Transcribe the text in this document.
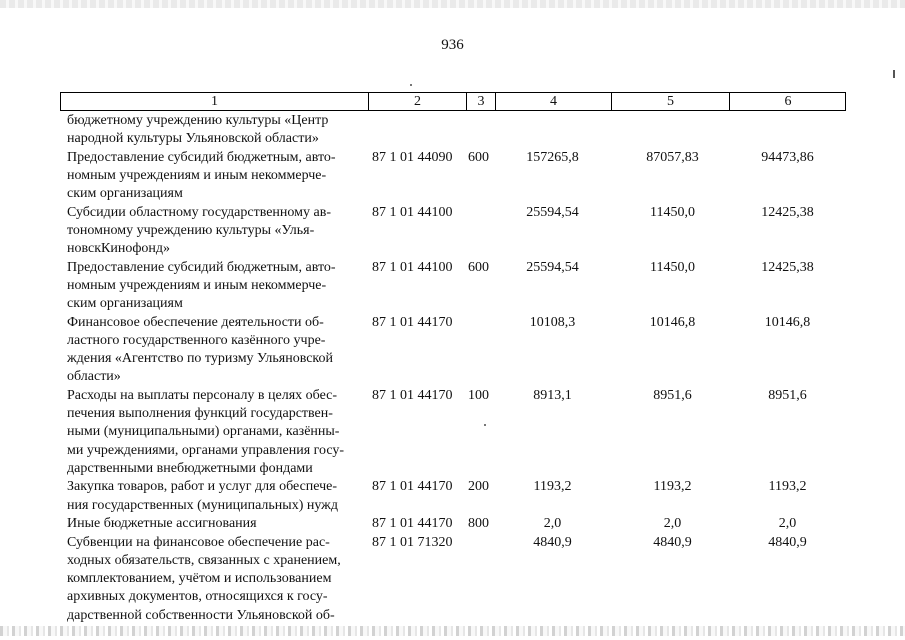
936
1	2	3	4	5	6
бюджетному учреждению культуры «Центр
народной культуры Ульяновской области»
Предоставление субсидий бюджетным, авто-
номным учреждениям и иным некоммерче-
ским организациям
87 1 01 44090 600	157265,8	87057,83	94473,86
Субсидии областному государственному ав-
тономному учреждению культуры «Улья-
новскКинофонд»
87 1 01 44100	25594,54	11450,0	12425,38
Предоставление субсидий бюджетным, авто-
номным учреждениям и иным некоммерче-
ским организациям
87 1 01 44100 600	25594,54	11450,0	12425,38
Финансовое обеспечение деятельности об-
ластного государственного казённого учре-
ждения «Агентство по туризму Ульяновской
области»
87 1 01 44170	10108,3	10146,8	10146,8
Расходы на выплаты персоналу в целях обес-
печения выполнения функций государствен-
ными (муниципальными) органами, казённы-
ми учреждениями, органами управления госу-
дарственными внебюджетными фондами
87 1 01 44170 100	8913,1	8951,6	8951,6
Закупка товаров, работ и услуг для обеспече-
ния государственных (муниципальных) нужд
87 1 01 44170 200	1193,2	1193,2	1193,2
Иные бюджетные ассигнования	87 1 01 44170 800	2,0	2,0	2,0
Субвенции на финансовое обеспечение рас-
ходных обязательств, связанных с хранением,
комплектованием, учётом и использованием
архивных документов, относящихся к госу-
дарственной собственности Ульяновской об-
87 1 01 71320	4840,9	4840,9	4840,9
